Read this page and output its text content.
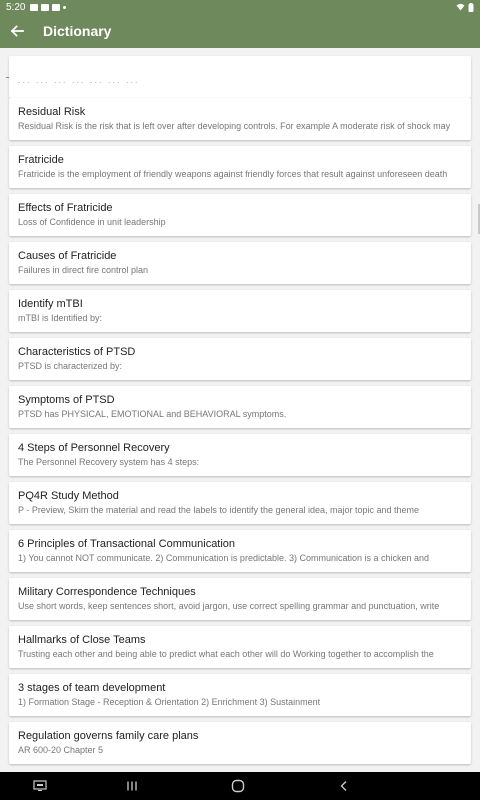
5:20
Dictionary
... ... ... ... ... ... ...
Residual Risk
Residual Risk is the risk that is left over after developing controls. For example A moderate risk of shock may
Fratricide
Fratricide is the employment of friendly weapons against friendly forces that result against unforeseen death
Effects of Fratricide
Loss of Confidence in unit leadership
Causes of Fratricide
Failures in direct fire control plan
Identify mTBI
mTBI is Identified by:
Characteristics of PTSD
PTSD is characterized by:
Symptoms of PTSD
PTSD has PHYSICAL, EMOTIONAL and BEHAVIORAL symptoms.
4 Steps of Personnel Recovery
The Personnel Recovery system has 4 steps:
PQ4R Study Method
P - Preview, Skim the material and read the labels to identify the general idea, major topic and theme
6 Principles of Transactional Communication
1) You cannot NOT communicate. 2) Communication is predictable. 3) Communication is a chicken and
Military Correspondence Techniques
Use short words, keep sentences short, avoid jargon, use correct spelling grammar and punctuation, write
Hallmarks of Close Teams
Trusting each other and being able to predict what each other will do Working together to accomplish the
3 stages of team development
1) Formation Stage - Reception & Orientation 2) Enrichment 3) Sustainment
Regulation governs family care plans
AR 600-20 Chapter 5
